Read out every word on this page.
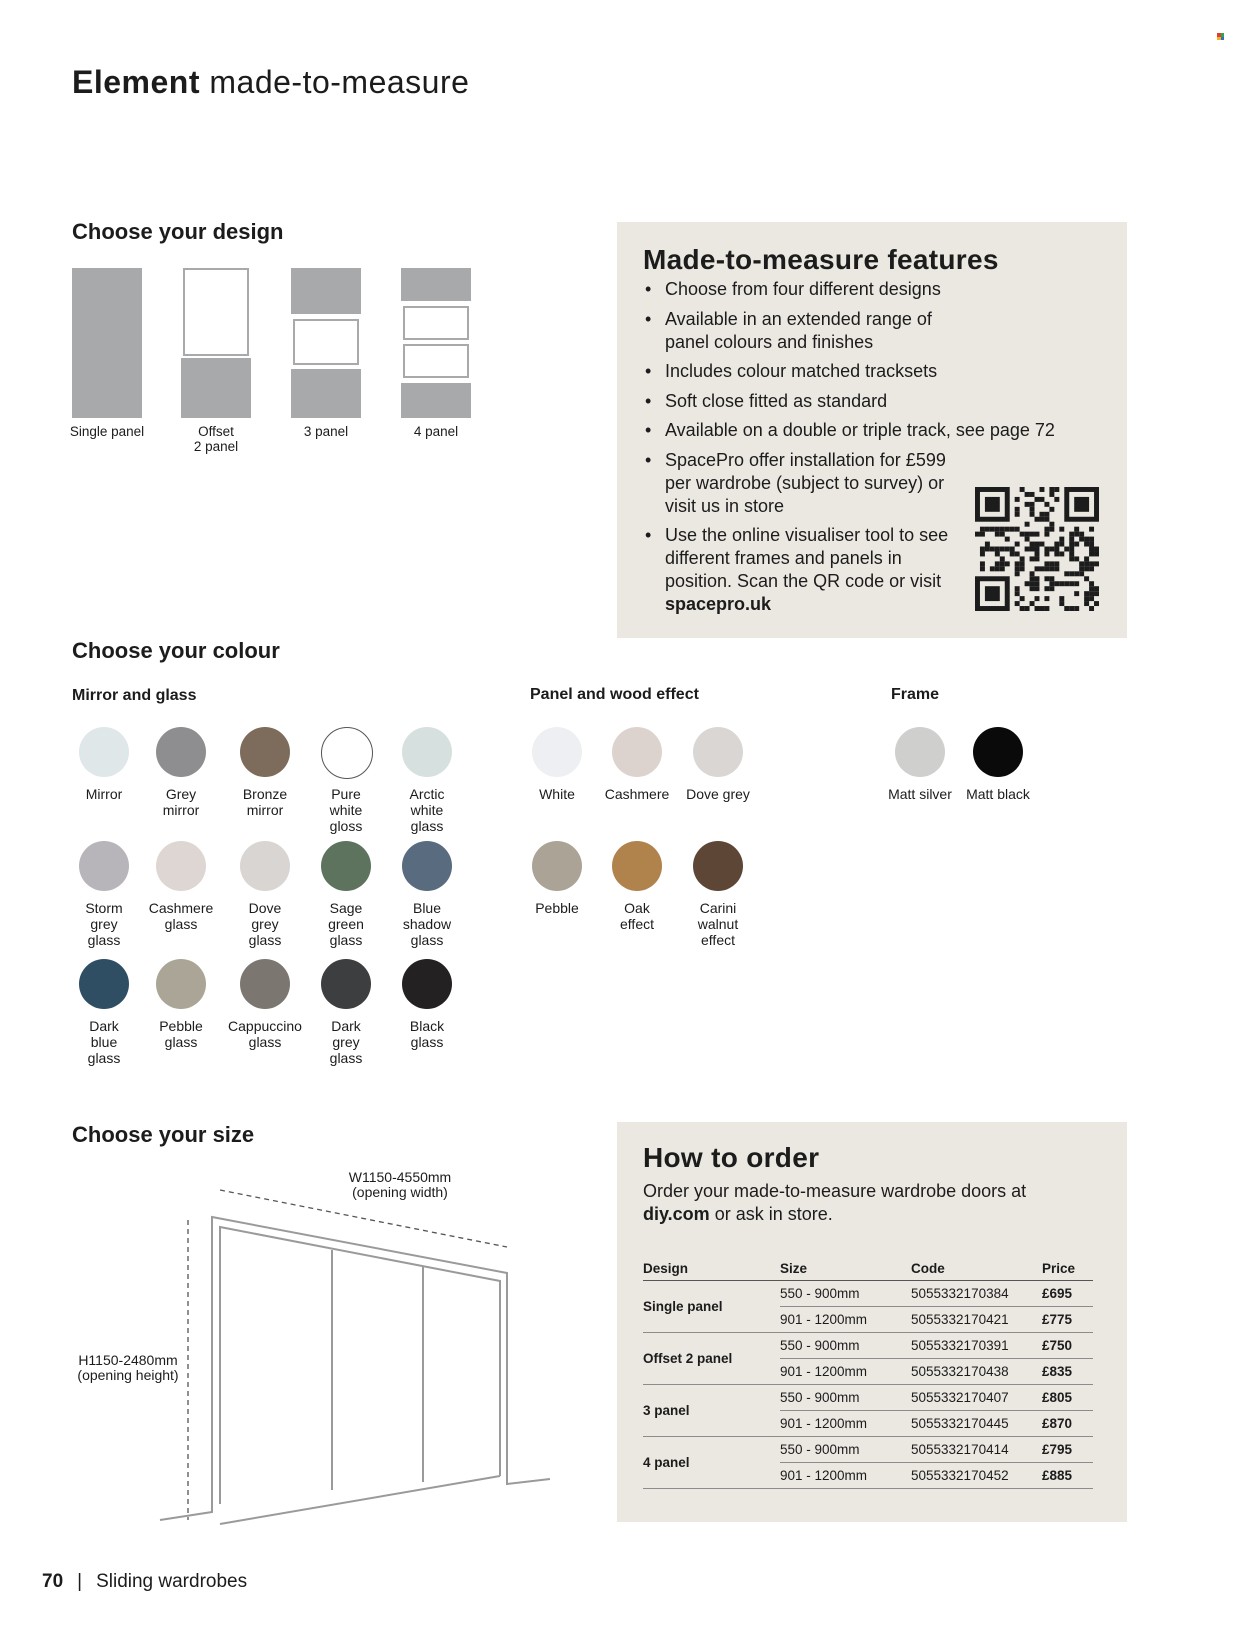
Element made-to-measure
Choose your design
Single panel	Offset
2 panel
3 panel	4 panel
Made-to-measure features
• Choose from four different designs
• Available in an extended range of panel colours and finishes
• Includes colour matched tracksets
• Soft close fitted as standard
• Available on a double or triple track, see page 72
• SpacePro offer installation for £599 per wardrobe (subject to survey) or visit us in store
• Use the online visualiser tool to see different frames and panels in position. Scan the QR code or visit spacepro.uk
Choose your colour
Mirror and glass	Panel and wood effect	Frame
Mirror	Grey
mirror
Bronze
mirror
Pure
white
gloss
Arctic
white
glass
Storm
grey
glass
Cashmere
glass
Dove
grey
glass
Sage
green
glass
Blue
shadow
glass
Dark
blue
glass
Pebble
glass
Cappuccino
glass
Dark
grey
glass
Black
glass
White	Cashmere	Dove grey
Pebble	Oak
effect
Carini
walnut
effect
Matt silver	Matt black
Choose your size
W1150-4550mm
(opening width)
H1150-2480mm
(opening height)
How to order

Order your made-to-measure wardrobe doors at diy.com or ask in store.

Design	Size	Code	Price
Single panel	550 - 900mm	5055332170384	£695
	901 - 1200mm	5055332170421	£775
Offset 2 panel	550 - 900mm	5055332170391	£750
	901 - 1200mm	5055332170438	£835
3 panel	550 - 900mm	5055332170407	£805
	901 - 1200mm	5055332170445	£870
4 panel	550 - 900mm	5055332170414	£795
	901 - 1200mm	5055332170452	£885

70 | Sliding wardrobes
